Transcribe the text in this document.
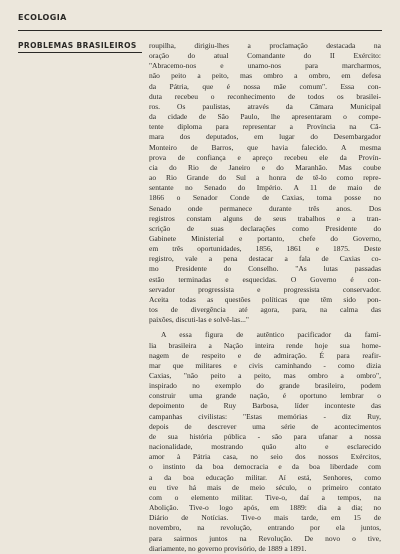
ECOLOGIA
PROBLEMAS BRASILEIROS roupilha, dirigiu-lhes a proclamação destacada na
oração do atual Comandante do II Exército:
"Abracemo-nos e unamo-nos para marcharmos,
não peito a peito, mas ombro a ombro, em defesa
da Pátria, que é nossa mãe comum". Essa con-
duta recebeu o reconhecimento de todos os brasilei-
ros. Os paulistas, através da Câmara Municipal
da cidade de São Paulo, lhe apresentaram o compe-
tente diploma para representar a Província na Câ-
mara dos deputados, em lugar do Desembargador
Monteiro de Barros, que havia falecido. A mesma
prova de confiança e apreço recebeu ele da Provín-
cia do Rio de Janeiro e do Maranhão. Mas coube
ao Rio Grande do Sul a honra de tê-lo como repre-
sentante no Senado do Império. A 11 de maio de
1866 o Senador Conde de Caxias, toma posse no
Senado onde permanece durante três anos. Dos
registros constam alguns de seus trabalhos e a tran-
scrição de suas declarações como Presidente do
Gabinete Ministerial e portanto, chefe do Governo,
em três oportunidades, 1856, 1861 e 1875. Deste
registro, vale a pena destacar a fala de Caxias co-
mo Presidente do Conselho. "As lutas passadas
estão terminadas e esquecidas. O Governo é con-
servador progressista e progressista conservador.
Aceita todas as questões políticas que têm sido pon-
tos de divergência até agora, para, na calma das
paixões, discuti-las e solvê-las..."
A essa figura de autêntico pacificador da famí-
lia brasileira a Nação inteira rende hoje sua home-
nagem de respeito e de admiração. É para reafir-
mar que militares e civis caminhando - como dizia
Caxias, "não peito a peito, mas ombro a ombro",
inspirado no exemplo do grande brasileiro, podem
construir uma grande nação, é oportuno lembrar o
depoimento de Ruy Barbosa, líder inconteste das
campanhas civilistas: "Estas memórias - diz Ruy,
depois de descrever uma série de acontecimentos
de sua história pública - são para ufanar a nossa
nacionalidade, mostrando quão alto e esclarecido
amor à Pátria casa, no seio dos nossos Exércitos,
o instinto da boa democracia e da boa liberdade com
a da boa educação militar. Aí está, Senhores, como
eu tive há mais de meio século, o primeiro contato
com o elemento militar. Tive-o, daí a tempos, na
Abolição. Tive-o logo após, em 1889: dia a dia; no
Diário de Notícias. Tive-o mais tarde, em 15 de
novembro, na revolução, entrando por ela juntos,
para sairmos juntos na Revolução. De novo o tive,
diariamente, no governo provisório, de 1889 a 1891.
